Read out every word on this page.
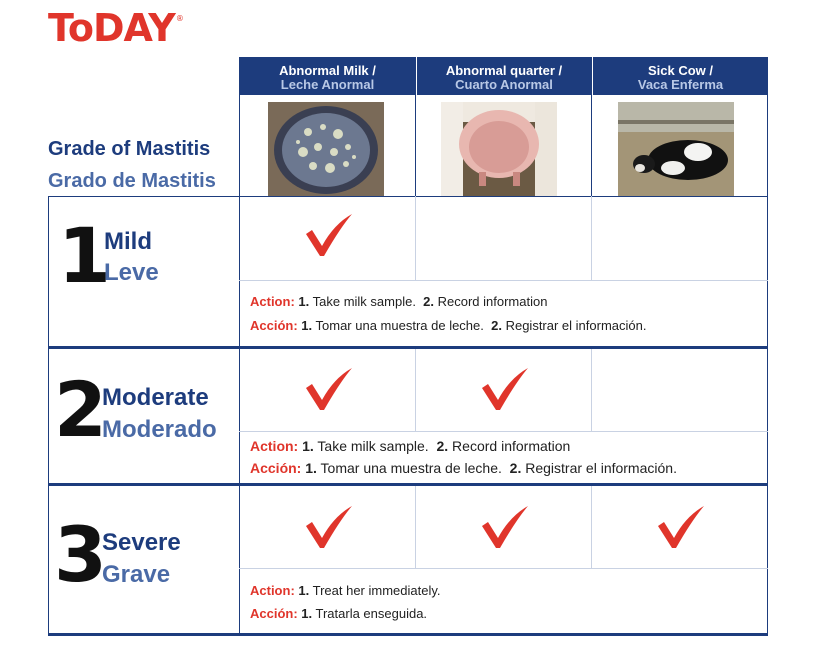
ToDAY®
Abnormal Milk /
Leche Anormal
Abnormal quarter /
Cuarto Anormal
Sick Cow /
Vaca Enferma
Grade of Mastitis
Grado de Mastitis
1
Mild
Leve
2
Moderate
Moderado
3
Severe
Grave
Action: 1. Take milk sample. 2. Record information
Acción: 1. Tomar una muestra de leche. 2. Registrar el información.
Action: 1. Take milk sample. 2. Record information
Acción: 1. Tomar una muestra de leche. 2. Registrar el información.
Action: 1. Treat her immediately.
Acción: 1. Tratarla enseguida.
